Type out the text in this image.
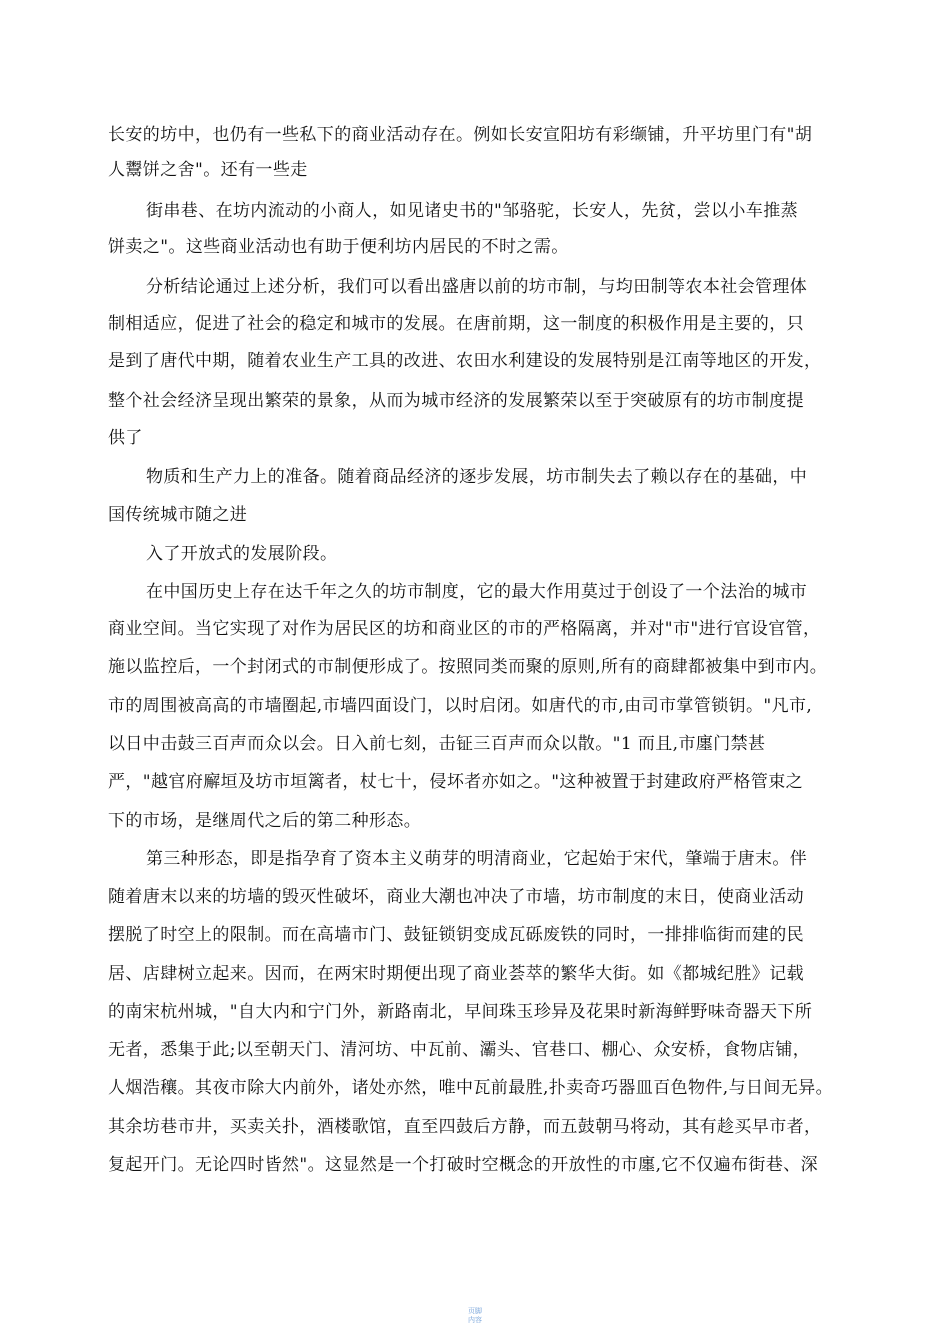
长安的坊中，也仍有一些私下的商业活动存在。例如长安宣阳坊有彩缬铺，升平坊里门有"胡
人鬻饼之舍"。还有一些走
街串巷、在坊内流动的小商人，如见诸史书的"邹骆驼，长安人，先贫，尝以小车推蒸
饼卖之"。这些商业活动也有助于便利坊内居民的不时之需。
分析结论通过上述分析，我们可以看出盛唐以前的坊市制，与均田制等农本社会管理体
制相适应，促进了社会的稳定和城市的发展。在唐前期，这一制度的积极作用是主要的，只
是到了唐代中期，随着农业生产工具的改进、农田水利建设的发展特别是江南等地区的开发，
整个社会经济呈现出繁荣的景象，从而为城市经济的发展繁荣以至于突破原有的坊市制度提
供了
物质和生产力上的准备。随着商品经济的逐步发展，坊市制失去了赖以存在的基础，中
国传统城市随之进
入了开放式的发展阶段。
在中国历史上存在达千年之久的坊市制度，它的最大作用莫过于创设了一个法治的城市
商业空间。当它实现了对作为居民区的坊和商业区的市的严格隔离，并对"市"进行官设官管，
施以监控后，一个封闭式的市制便形成了。按照同类而聚的原则,所有的商肆都被集中到市内。
市的周围被高高的市墙圈起,市墙四面设门，以时启闭。如唐代的市,由司市掌管锁钥。"凡市,
以日中击鼓三百声而众以会。日入前七刻，击钲三百声而众以散。"1 而且,市廛门禁甚
严，"越官府廨垣及坊市垣篱者，杖七十，侵坏者亦如之。"这种被置于封建政府严格管束之
下的市场，是继周代之后的第二种形态。
第三种形态，即是指孕育了资本主义萌芽的明清商业，它起始于宋代，肇端于唐末。伴
随着唐末以来的坊墙的毁灭性破坏，商业大潮也冲决了市墙，坊市制度的末日，使商业活动
摆脱了时空上的限制。而在高墙市门、鼓钲锁钥变成瓦砾废铁的同时，一排排临街而建的民
居、店肆树立起来。因而，在两宋时期便出现了商业荟萃的繁华大街。如《都城纪胜》记载
的南宋杭州城，"自大内和宁门外，新路南北，早间珠玉珍异及花果时新海鲜野味奇器天下所
无者，悉集于此;以至朝天门、清河坊、中瓦前、灞头、官巷口、棚心、众安桥，食物店铺，
人烟浩穰。其夜市除大内前外，诸处亦然，唯中瓦前最胜,扑卖奇巧器皿百色物件,与日间无异。
其余坊巷市井，买卖关扑，酒楼歌馆，直至四鼓后方静，而五鼓朝马将动，其有趁买早市者，
复起开门。无论四时皆然"。这显然是一个打破时空概念的开放性的市廛,它不仅遍布街巷、深
页脚
内容
